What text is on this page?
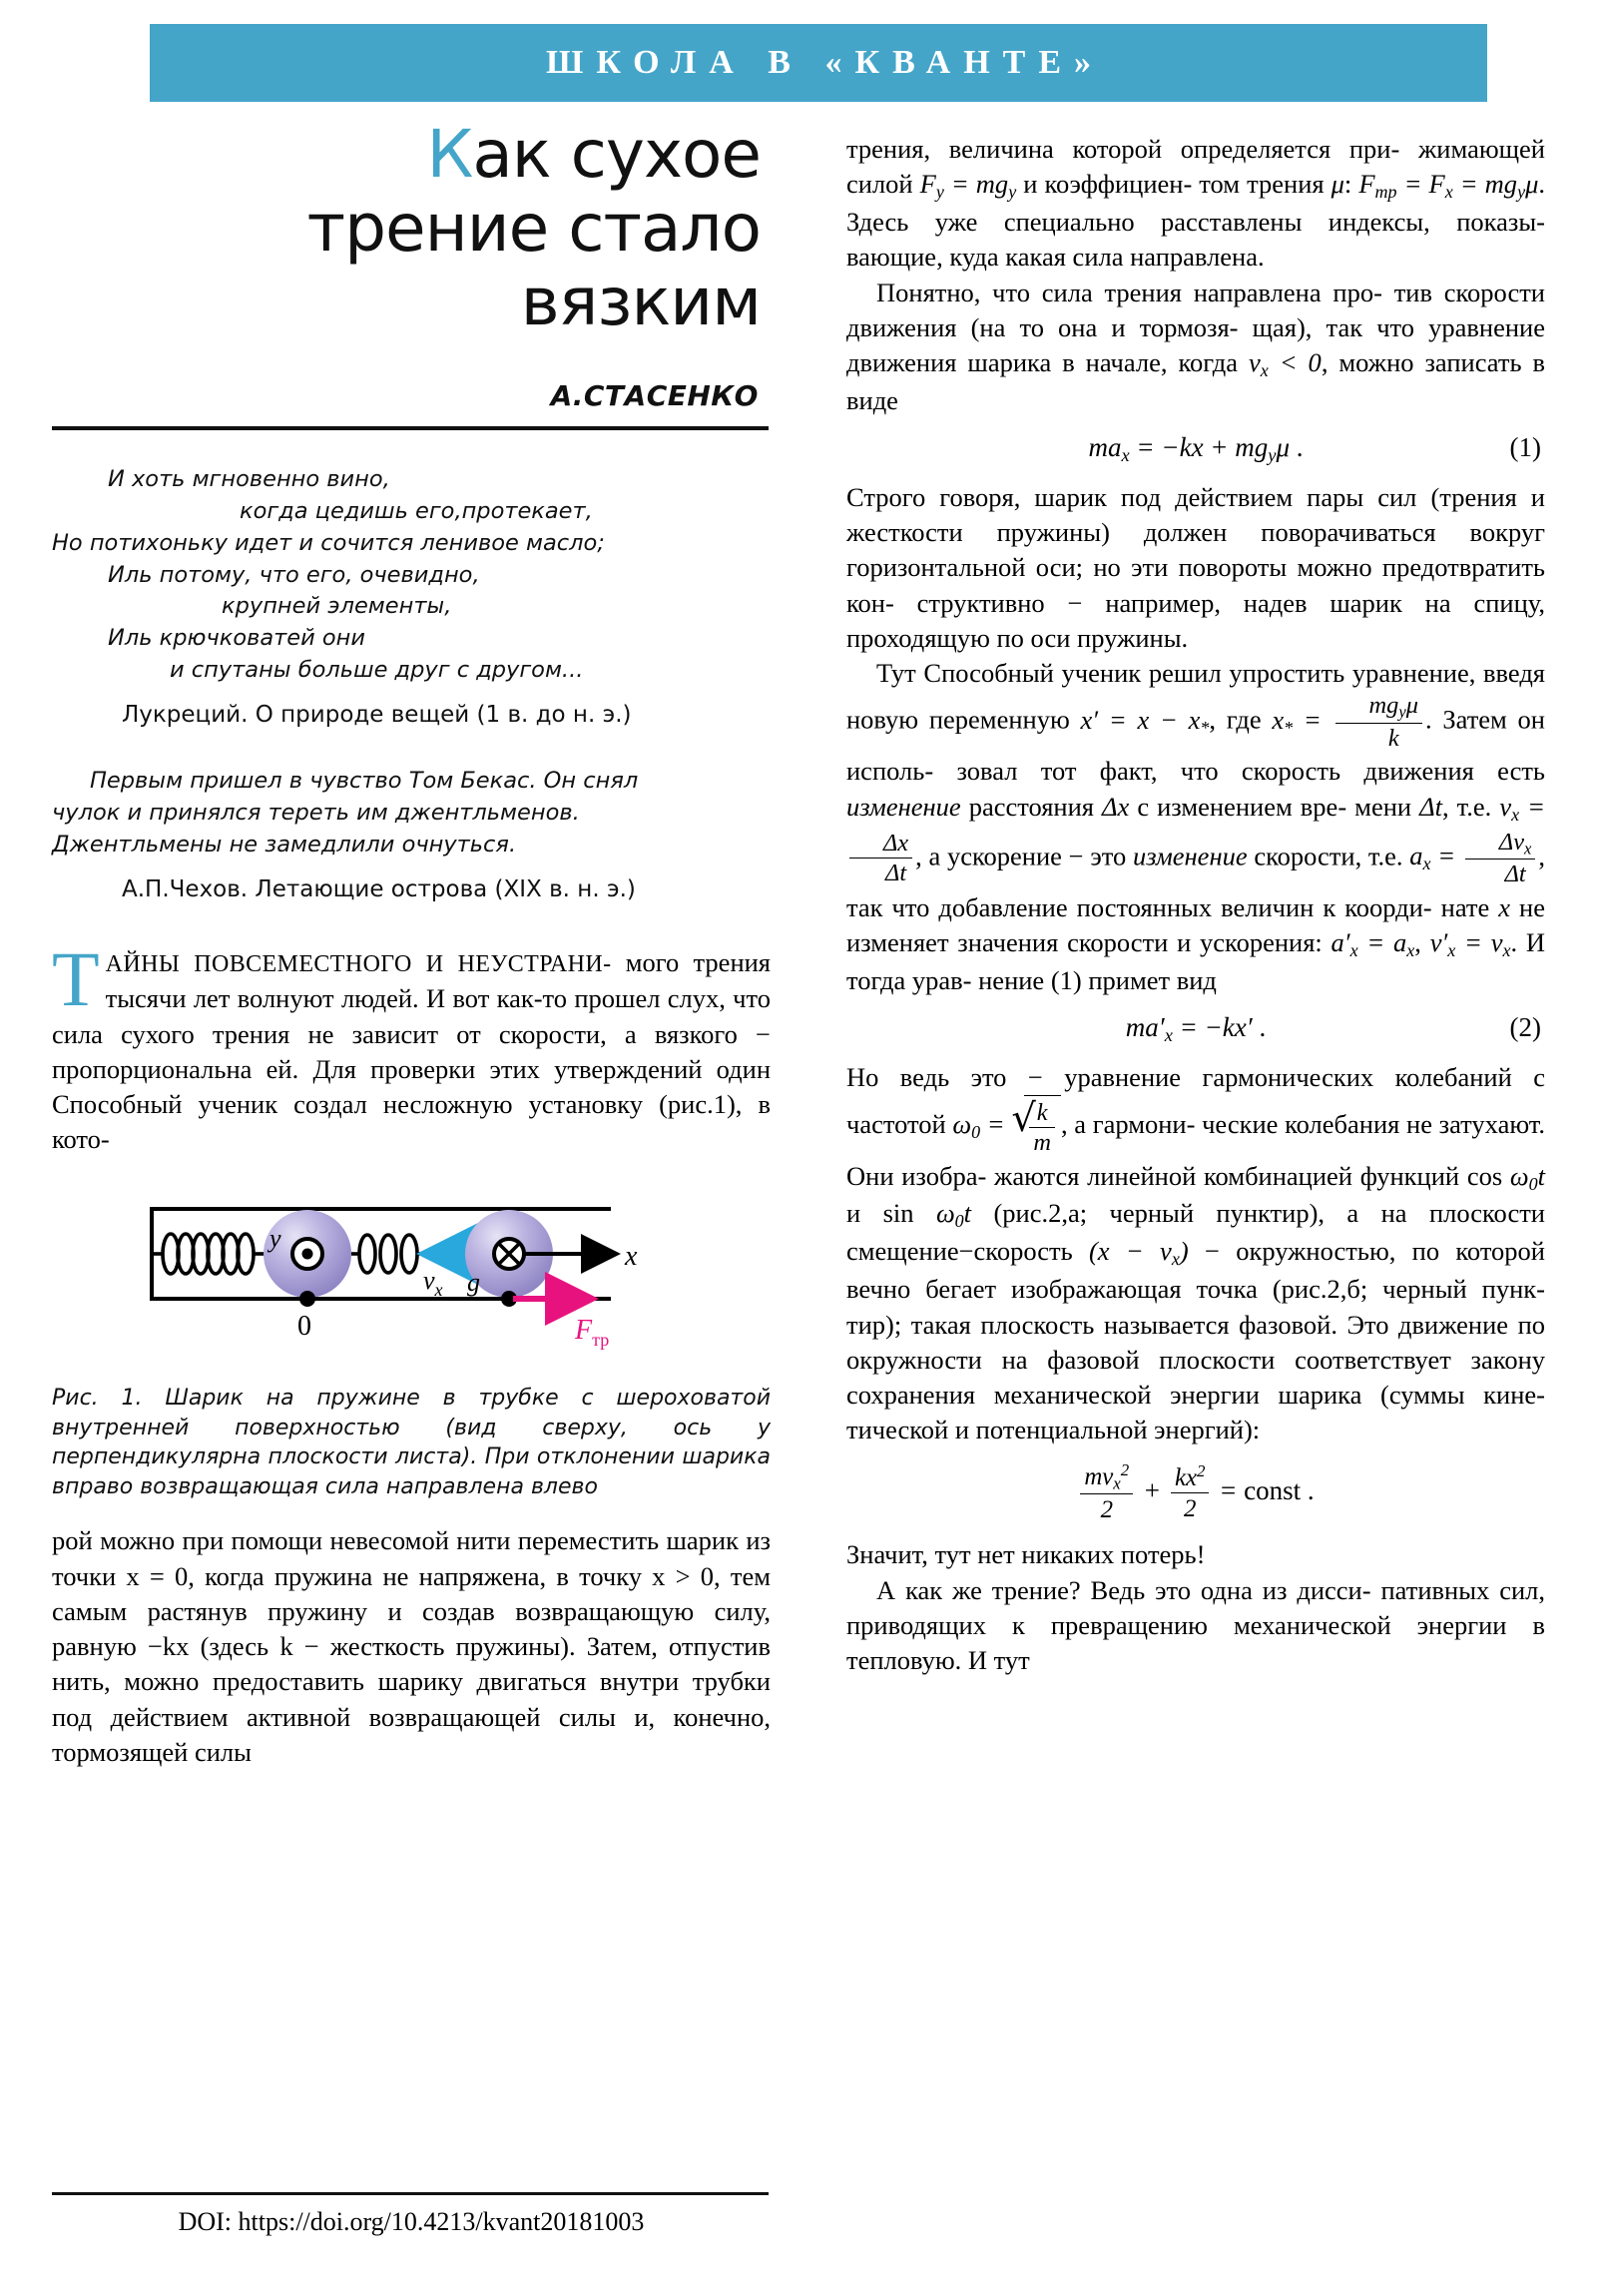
ШКОЛА В «КВАНТЕ»
Как сухое
трение стало
вязким
А.СТАСЕНКО
И хоть мгновенно вино,
когда цедишь его,протекает,
Но потихоньку идет и сочится ленивое масло;
Иль потому, что его, очевидно,
крупней элементы,
Иль крючковатей они
и спутаны больше друг с другом...
Лукреций. О природе вещей (1 в. до н. э.)
Первым пришел в чувство Том Бекас. Он снял
чулок и принялся тереть им джентльменов.
Джентльмены не замедлили очнуться.
А.П.Чехов. Летающие острова (XIX в. н. э.)

ТАЙНЫ ПОВСЕМЕСТНОГО И НЕУСТРАНИ- мого трения тысячи лет волнуют людей. И вот как-то прошел слух, что сила сухого трения не зависит от скорости, а вязкого − пропорциональна ей. Для проверки этих утверждений один Способный ученик создал несложную установку (рис.1), в кото-

y
$v_x$ g
x
0	$F_{тр}$
Рис. 1. Шарик на пружине в трубке с шероховатой внутренней поверхностью (вид сверху, ось y перпендикулярна плоскости листа). При отклонении шарика вправо возвращающая сила направлена влево

рой можно при помощи невесомой нити переместить шарик из точки x = 0, когда пружина не напряжена, в точку x > 0, тем самым растянув пружину и создав возвращающую силу, равную −kx (здесь k − жесткость пружины). Затем, отпустив нить, можно предоставить шарику двигаться внутри трубки под действием активной возвращающей силы и, конечно, тормозящей силы

трения, величина которой определяется при- жимающей силой $F_y = mg_y$ и коэффициен- том трения μ: $F_{тр} = F_x = mg_y\mu$. Здесь уже специально расставлены индексы, показы- вающие, куда какая сила направлена.

Понятно, что сила трения направлена про- тив скорости движения (на то она и тормозя- щая), так что уравнение движения шарика в начале, когда $v_x < 0$, можно записать в виде

$ma_x = -kx + mg_y\mu$ .	(1)

Строго говоря, шарик под действием пары сил (трения и жесткости пружины) должен поворачиваться вокруг горизонтальной оси; но эти повороты можно предотвратить кон- структивно − например, надев шарик на спицу, проходящую по оси пружины.

Тут Способный ученик решил упростить уравнение, введя новую переменную $x' = x - x_*$, где $x_* = \frac{mg_y\mu}{k}$ . Затем он исполь- зовал тот факт, что скорость движения есть изменение расстояния Δx с изменением вре- мени Δt, т.е. $v_x$ =
$\frac{\Delta x}{\Delta t}$ , а ускорение − это изменение скорости, т.е. $a_x = \frac{\Delta v_x}{\Delta t}$ , так что добавление постоянных величин к коорди- нате x не изменяет значения скорости и ускорения: $a'_x = a_x$, $v'_x = v_x$. И тогда урав- нение (1) примет вид

$ma'_x = -kx'$ .	(2)

Но ведь это − уравнение гармонических колебаний с частотой $\omega_0$ = √ $\frac{k}{m}$ , а гармони- ческие колебания не затухают. Они изобра- жаются линейной комбинацией функций $\cos \omega_0t$ и $\sin \omega_0t$ (рис.2,а; черный пунктир), а на плоскости смещение−скорость $(x - v_x)$ − окружностью, по которой вечно бегает изображающая точка (рис.2,б; черный пунк- тир); такая плоскость называется фазовой. Это движение по окружности на фазовой плоскости соответствует закону сохранения механической энергии шарика (суммы кине- тической и потенциальной энергий):

$\frac{mv_x^2}{2} + \frac{kx^2}{2}$ = const .

Значит, тут нет никаких потерь!

А как же трение? Ведь это одна из дисси- пативных сил, приводящих к превращению механической энергии в тепловую. И тут

DOI: https://doi.org/10.4213/kvant20181003
